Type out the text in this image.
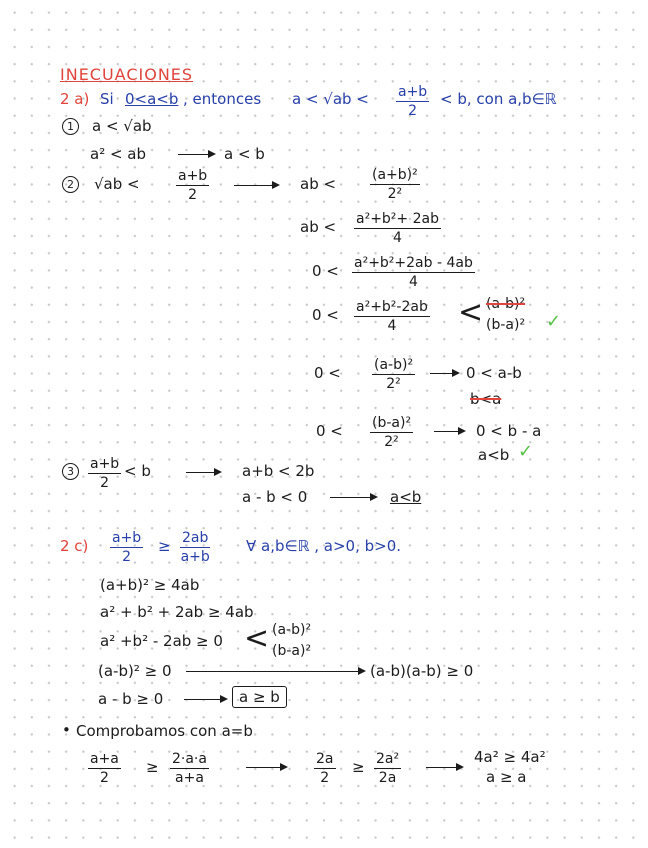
INECUACIONES
2 a) Si 0<a<b , entonces $a < √ab < \frac{a+b}{2} < b$, con a,b∈ℝ
1	a < √ab
a² < ab	a < b
2	√ab <	$\frac{a+b}{2}$	ab < $\frac{\text{(a+b)²}}{\text{2²}}$
ab < $\frac{\text{a²+b²+ 2ab}}{4}$
$0 < \frac{\text{a²+b²+2ab - 4ab}}{4}$
$0 < \frac{\text{a²+b²-2ab}}{4} < (a-b)^2$
(b-a)² ✓
$0 < \frac{\text{(a-b)²}}{\text{2²}}$	0 < a-b
b<a
$0 < \frac{\text{(b-a)²}}{\text{2²}}$	0 < b - a
a<b ✓
3	$\frac{a+b}{2} < b$	a+b < 2b
a - b < 0	a<b
2 $c) \frac{a+b}{2} \ge \frac{2ab}{a+b}$ ∀ a,b∈ℝ , a>0, b>0.
(a+b)² ≥ 4ab
a² + b² + 2ab ≥ 4ab
a² +b² - 2ab ≥ 0 < (a-b)²
(b-a)²
(a-b)² ≥ 0	(a-b)(a-b) ≥ 0
a - b ≥ 0	a ≥ b
• Comprobamos con a=b
$\frac{a+a}{2} \ge \frac{2\cdot a\cdot a}{a+a}$	$\frac{2a}{2} \ge \frac{\text{2a²}}{2a}$	4a² ≥ 4a²
a ≥ a
